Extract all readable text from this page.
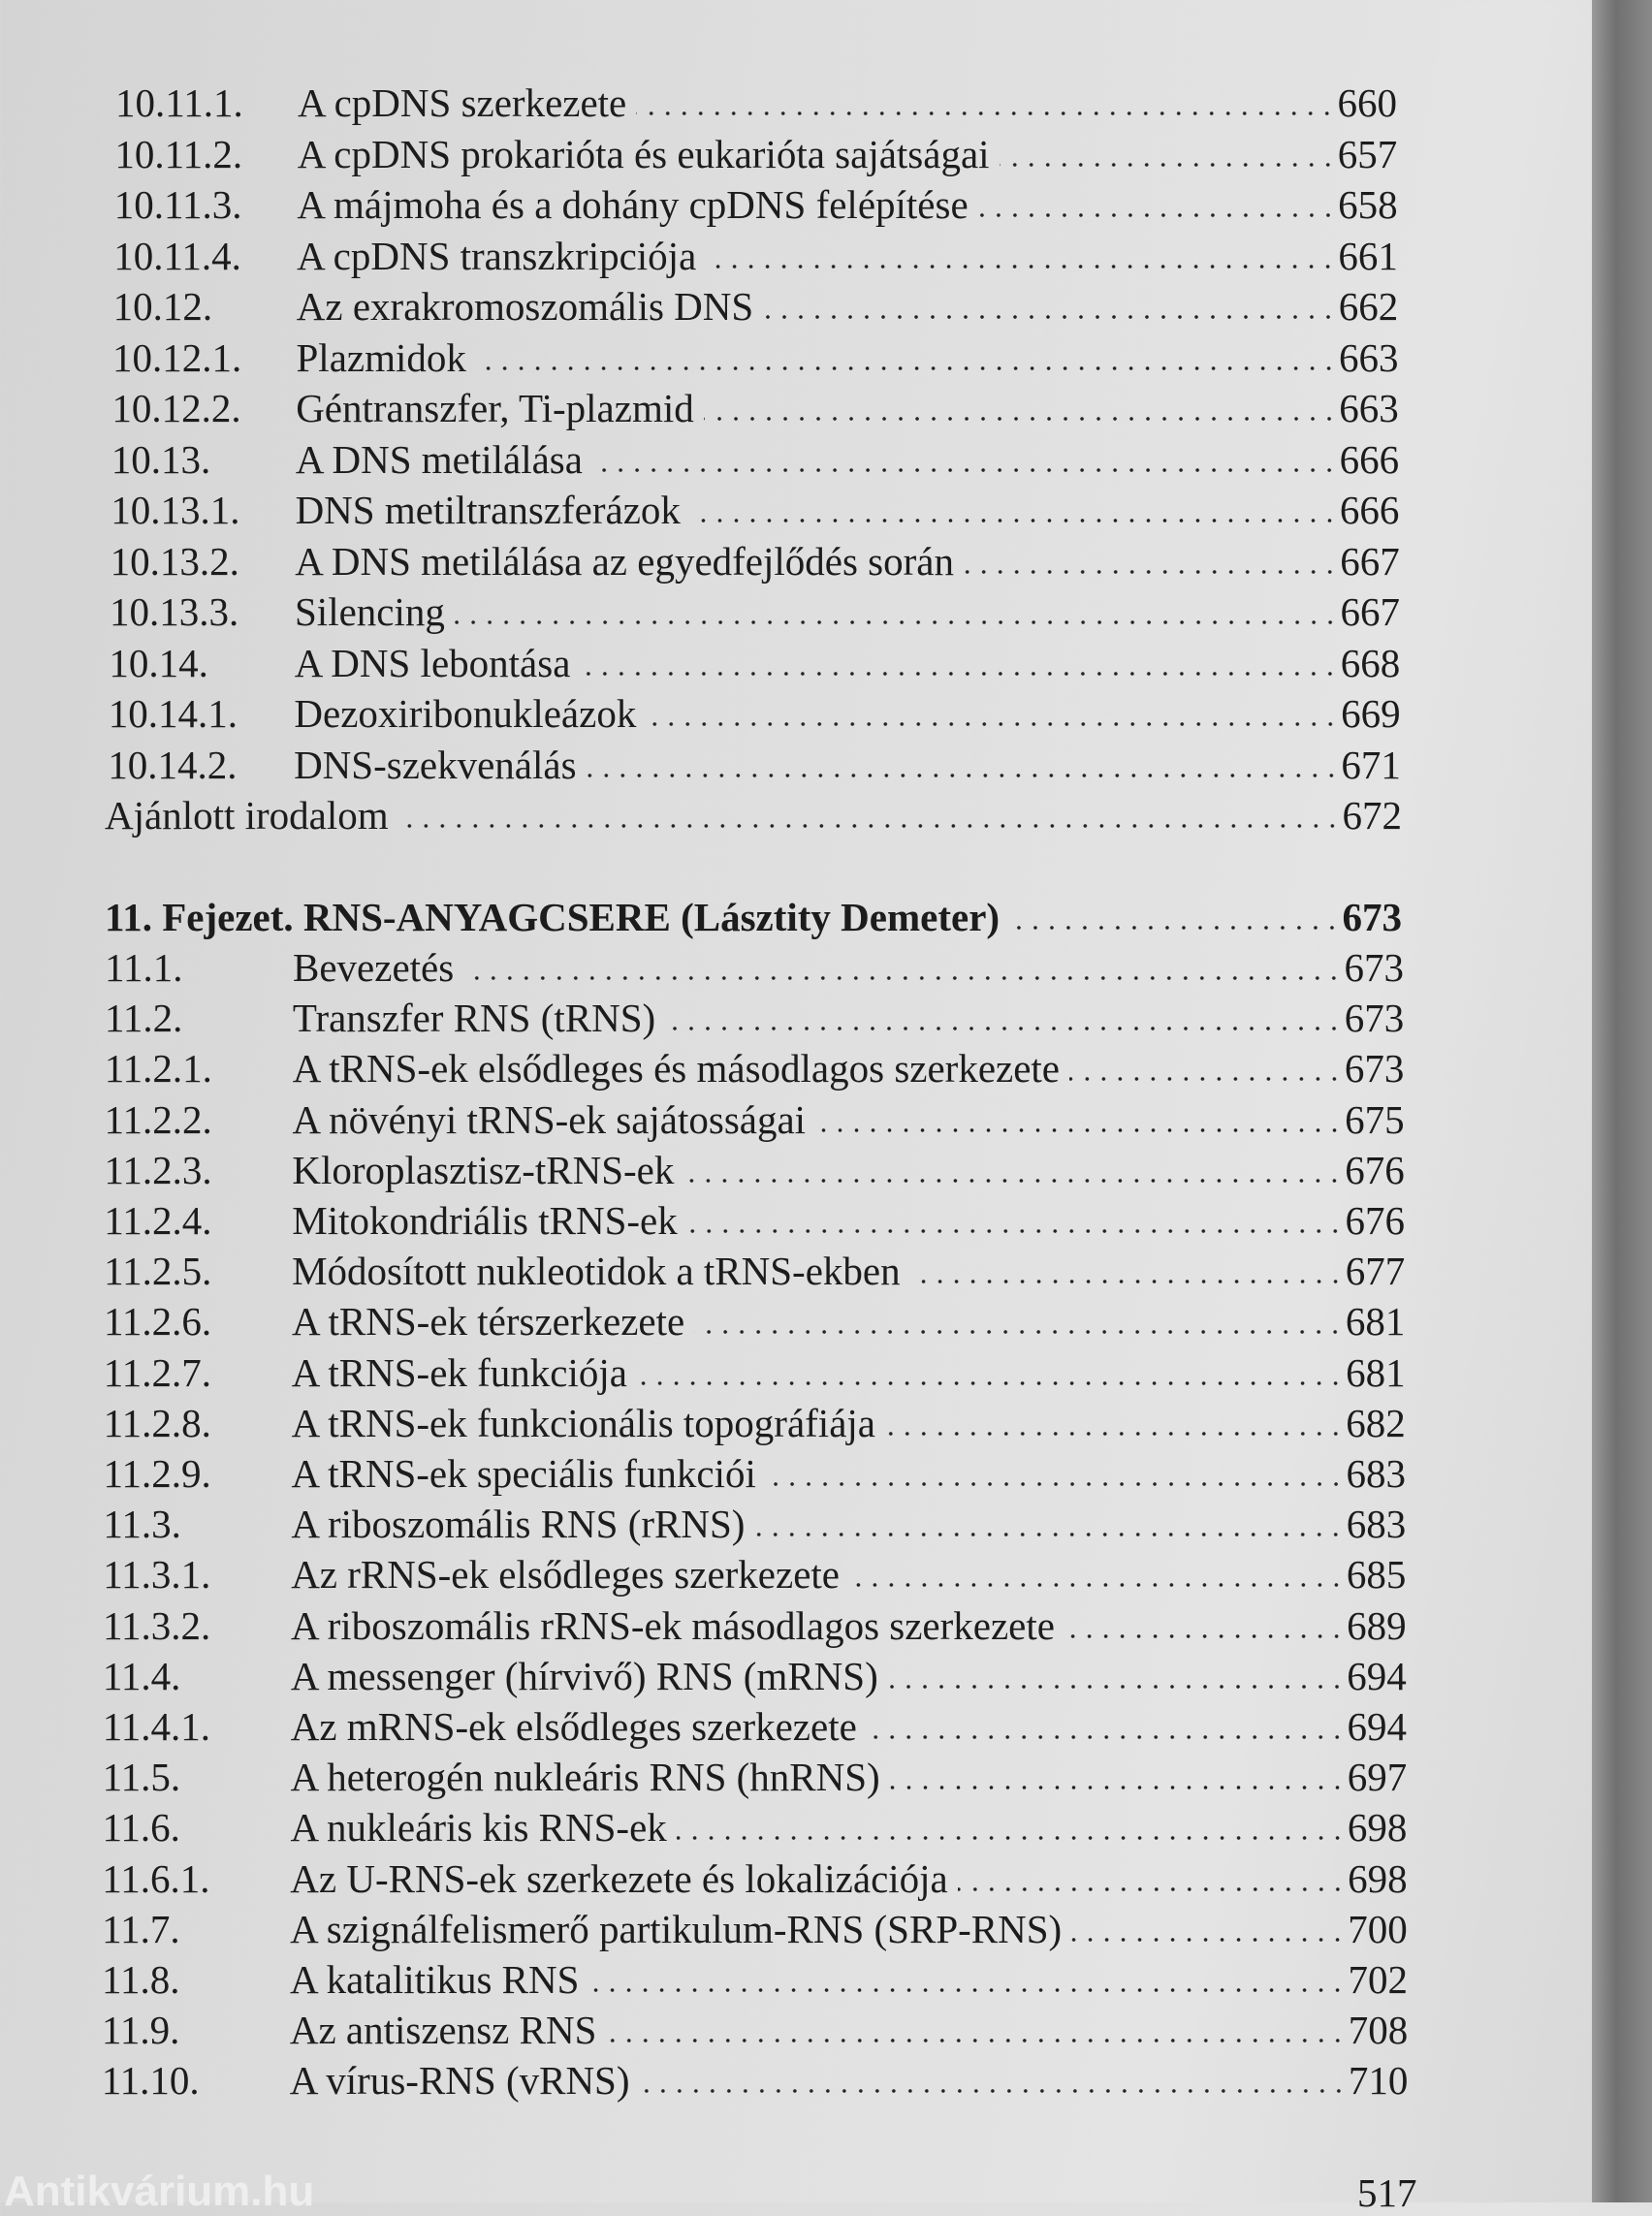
10.11.1.	A cpDNS szerkezete	660
10.11.2.	A cpDNS prokarióta és eukarióta sajátságai	657
10.11.3.	A májmoha és a dohány cpDNS felépítése	658
10.11.4.	A cpDNS transzkripciója	661
10.12.	Az exrakromoszomális DNS	662
10.12.1.	Plazmidok	663
10.12.2.	Géntranszfer, Ti-plazmid	663
10.13.	A DNS metilálása	666
10.13.1.	DNS metiltranszferázok	666
10.13.2.	A DNS metilálása az egyedfejlődés során	667
10.13.3.	Silencing	667
10.14.	A DNS lebontása	668
10.14.1.	Dezoxiribonukleázok	669
10.14.2.	DNS-szekvenálás	671
Ajánlott irodalom	672
11. Fejezet. RNS-ANYAGCSERE (Lásztity Demeter)	673
11.1.	Bevezetés	673
11.2.	Transzfer RNS (tRNS)	673
11.2.1.	A tRNS-ek elsődleges és másodlagos szerkezete	673
11.2.2.	A növényi tRNS-ek sajátosságai	675
11.2.3.	Kloroplasztisz-tRNS-ek	676
11.2.4.	Mitokondriális tRNS-ek	676
11.2.5.	Módosított nukleotidok a tRNS-ekben	677
11.2.6.	A tRNS-ek térszerkezete	681
11.2.7.	A tRNS-ek funkciója	681
11.2.8.	A tRNS-ek funkcionális topográfiája	682
11.2.9.	A tRNS-ek speciális funkciói	683
11.3.	A riboszomális RNS (rRNS)	683
11.3.1.	Az rRNS-ek elsődleges szerkezete	685
11.3.2.	A riboszomális rRNS-ek másodlagos szerkezete	689
11.4.	A messenger (hírvivő) RNS (mRNS)	694
11.4.1.	Az mRNS-ek elsődleges szerkezete	694
11.5.	A heterogén nukleáris RNS (hnRNS)	697
11.6.	A nukleáris kis RNS-ek	698
11.6.1.	Az U-RNS-ek szerkezete és lokalizációja	698
11.7.	A szignálfelismerő partikulum-RNS (SRP-RNS)	700
11.8.	A katalitikus RNS	702
11.9.	Az antiszensz RNS	708
11.10.	A vírus-RNS (vRNS)	710
Antikvárium.hu	517
